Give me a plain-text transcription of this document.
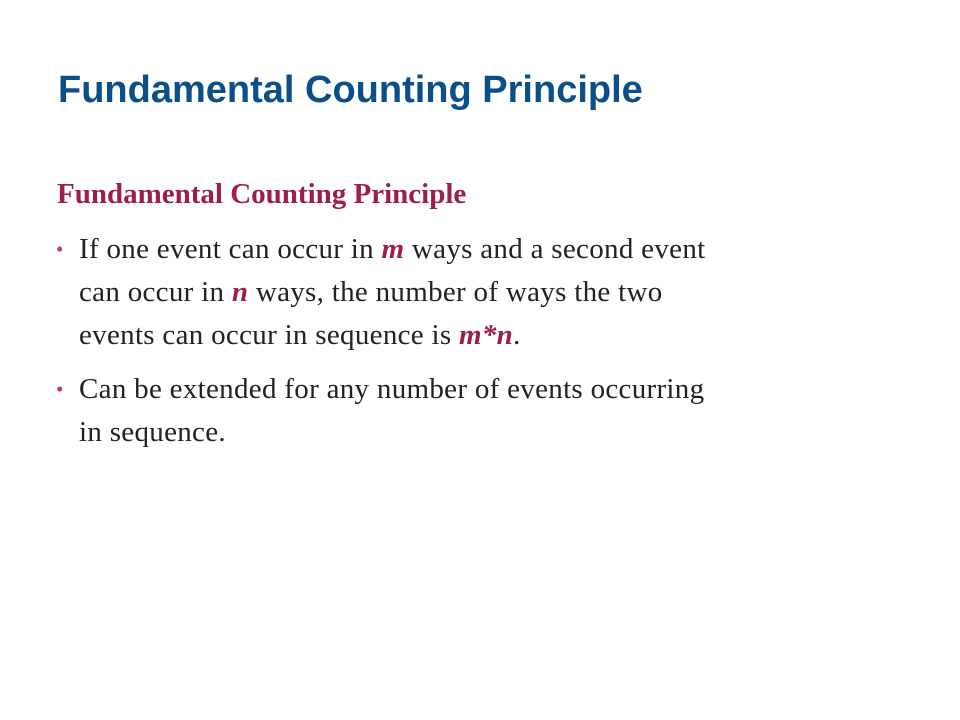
Fundamental Counting Principle
Fundamental Counting Principle
• If one event can occur in m ways and a second event
can occur in n ways, the number of ways the two
events can occur in sequence is m*n.
• Can be extended for any number of events occurring
in sequence.
